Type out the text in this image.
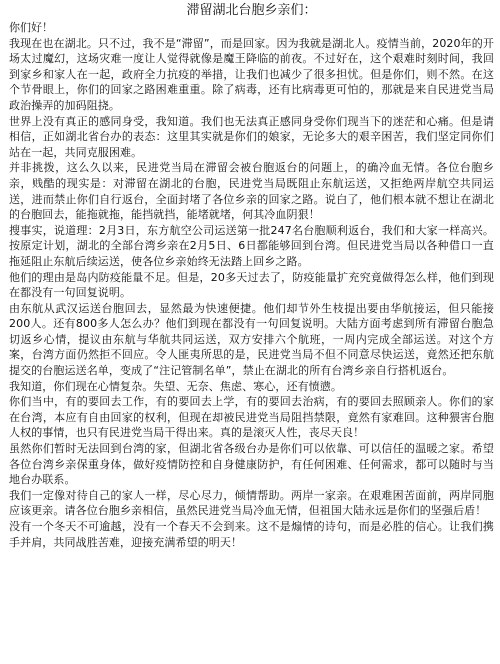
滞留湖北台胞乡亲们：

你们好！

我现在也在湖北。只不过，我不是“滞留”，而是回家。因为我就是湖北人。疫情当前，2020年的开场太过魔幻，这场灾难一度让人觉得就像是魔王降临的前夜。不过好在，这个艰难时刻时间，我回到家乡和家人在一起，政府全力抗疫的举措，让我们也减少了很多担忧。但是你们，则不然。在这个节骨眼上，你们的回家之路困难重重。除了病毒，还有比病毒更可怕的，那就是来自民进党当局政治操弄的加码阻挠。

世界上没有真正的感同身受，我知道。我们也无法真正感同身受你们现当下的迷茫和心痛。但是请相信，正如湖北省台办的表态：这里其实就是你们的娘家，无论多大的艰辛困苦，我们坚定同你们站在一起，共同克服困难。

并非挑拨，这么久以来，民进党当局在滞留会被台胞返台的问题上，的确冷血无情。各位台胞乡亲，贱酷的现实是：对滞留在湖北的台胞，民进党当局既阻止东航运送，又拒绝两岸航空共同运送，进而禁止你们自行返台，全面封堵了各位乡亲的回家之路。说白了，他们根本就不想让在湖北的台胞回去，能拖就拖，能挡就挡，能堵就堵，何其冷血阴狠！

搜事实，说道理：2月3日，东方航空公司运送第一批247名台胞顺利返台，我们和大家一样高兴。按原定计划，湖北的全部台湾乡亲在2月5日、6日都能够回到台湾。但民进党当局以各种借口一直拖延阻止东航后续运送，使各位乡亲始终无法踏上回乡之路。

他们的理由是岛内防疫能量不足。但是，20多天过去了，防疫能量扩充究竟做得怎么样，他们到现在都没有一句回复说明。

由东航从武汉运送台胞回去，显然最为快速便捷。他们却节外生枝提出要由华航接运，但只能接200人。还有800多人怎么办？他们到现在都没有一句回复说明。大陆方面考虑到所有滞留台胞急切返乡心情，提议由东航与华航共同运送，双方安排六个航班，一周内完成全部运送。对这个方案，台湾方面仍然拒不回应。令人匪夷所思的是，民进党当局不但不同意尽快运送，竟然还把东航提交的台胞运送名单，变成了“注记管制名单”，禁止在湖北的所有台湾乡亲自行搭机返台。

我知道，你们现在心情复杂。失望、无奈、焦虑、寒心，还有愤懑。

你们当中，有的要回去工作，有的要回去上学，有的要回去治病，有的要回去照顾亲人。你们的家在台湾，本应有自由回家的权利，但现在却被民进党当局阻挡禁限，竟然有家难回。这种猥害台胞人权的事情，也只有民进党当局干得出来。真的是滚灭人性，丧尽天良！

虽然你们暂时无法回到台湾的家，但湖北省各级台办是你们可以依靠、可以信任的温暖之家。希望各位台湾乡亲保重身体，做好疫情防控和自身健康防护，有任何困难、任何需求，都可以随时与当地台办联系。

我们一定像对待自己的家人一样，尽心尽力，倾情帮助。两岸一家亲。在艰难困苦面前，两岸同胞应该更亲。请各位台胞乡亲相信，虽然民进党当局冷血无情，但祖国大陆永远是你们的坚强后盾！

没有一个冬天不可逾越，没有一个春天不会到来。这不是煽情的诗句，而是必胜的信心。让我们携手并肩，共同战胜苦难，迎接充满希望的明天！
